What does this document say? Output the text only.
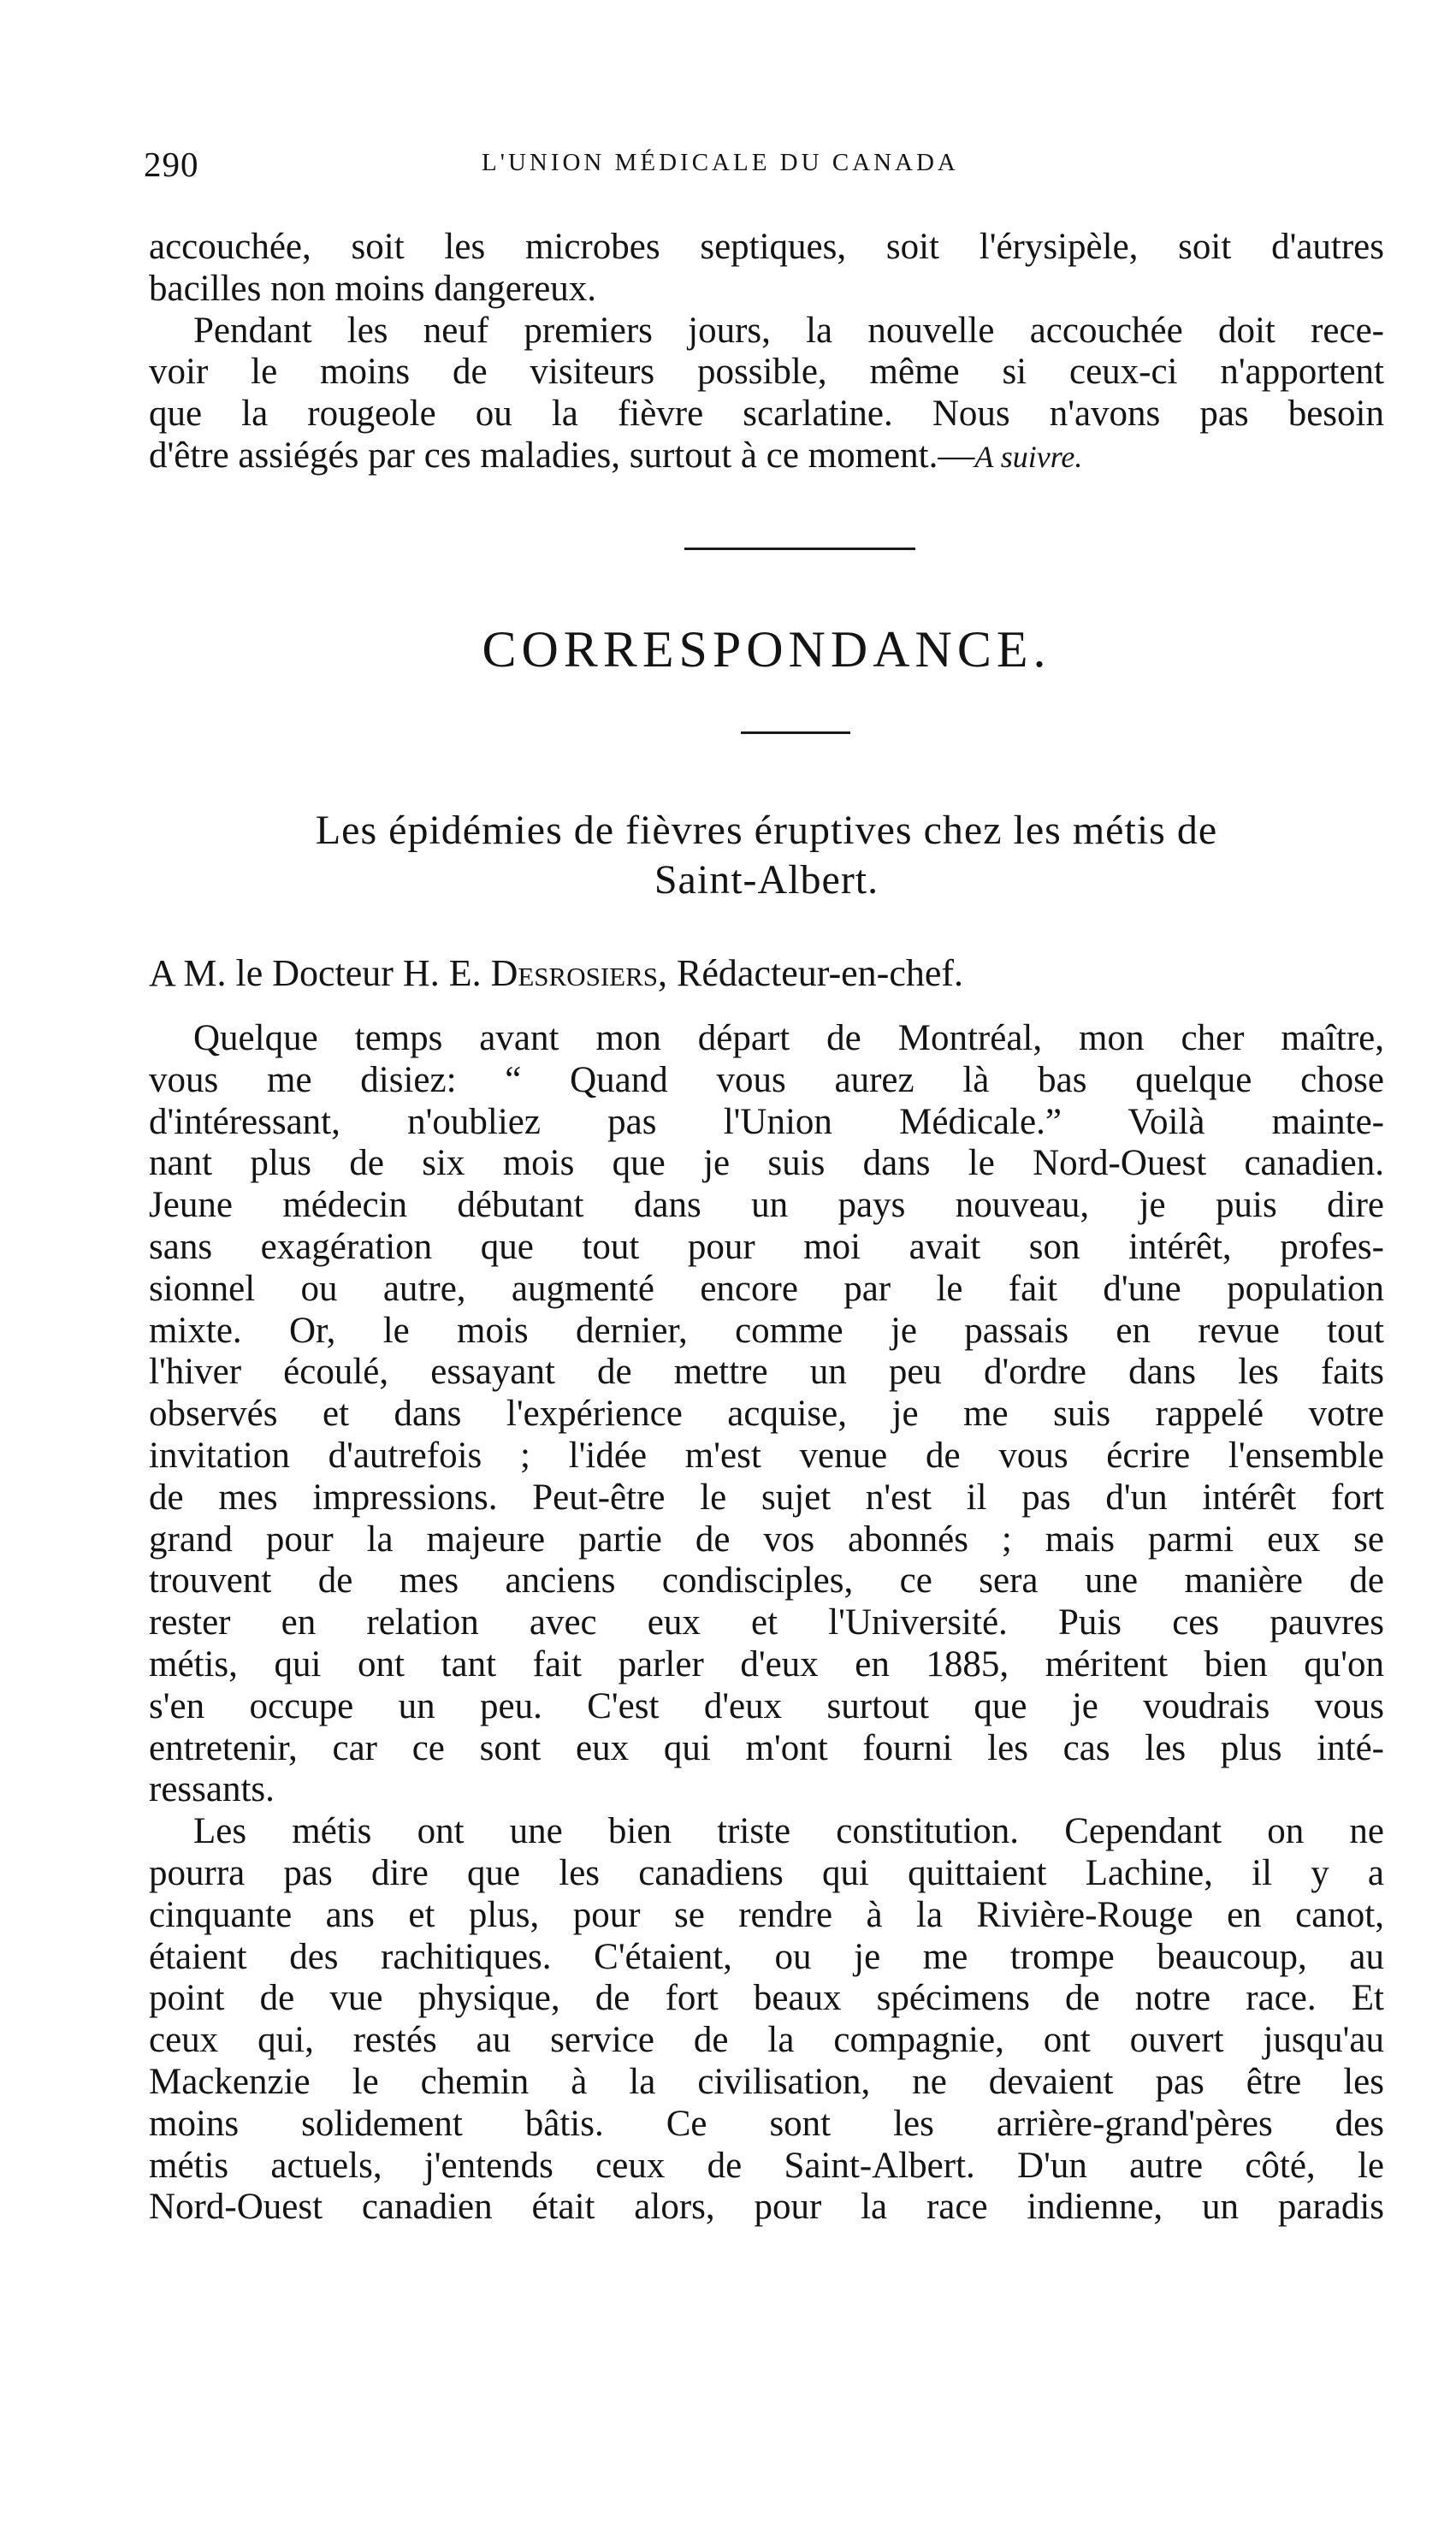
290	L'UNION MÉDICALE DU CANADA
accouchée, soit les microbes septiques, soit l'érysipèle, soit d'autres
bacilles non moins dangereux.
Pendant les neuf premiers jours, la nouvelle accouchée doit rece-
voir le moins de visiteurs possible, même si ceux-ci n'apportent
que la rougeole ou la fièvre scarlatine. Nous n'avons pas besoin
d'être assiégés par ces maladies, surtout à ce moment.—A suivre.
CORRESPONDANCE.
Les épidémies de fièvres éruptives chez les métis de
Saint-Albert.
A M. le Docteur H. E. Desrosiers, Rédacteur-en-chef.
Quelque temps avant mon départ de Montréal, mon cher maître,
vous me disiez: “ Quand vous aurez là bas quelque chose
d'intéressant, n'oubliez pas l'Union Médicale.” Voilà mainte-
nant plus de six mois que je suis dans le Nord-Ouest canadien.
Jeune médecin débutant dans un pays nouveau, je puis dire
sans exagération que tout pour moi avait son intérêt, profes-
sionnel ou autre, augmenté encore par le fait d'une population
mixte. Or, le mois dernier, comme je passais en revue tout
l'hiver écoulé, essayant de mettre un peu d'ordre dans les faits
observés et dans l'expérience acquise, je me suis rappelé votre
invitation d'autrefois ; l'idée m'est venue de vous écrire l'ensemble
de mes impressions. Peut-être le sujet n'est il pas d'un intérêt fort
grand pour la majeure partie de vos abonnés ; mais parmi eux se
trouvent de mes anciens condisciples, ce sera une manière de
rester en relation avec eux et l'Université. Puis ces pauvres
métis, qui ont tant fait parler d'eux en 1885, méritent bien qu'on
s'en occupe un peu. C'est d'eux surtout que je voudrais vous
entretenir, car ce sont eux qui m'ont fourni les cas les plus inté-
ressants.
Les métis ont une bien triste constitution. Cependant on ne
pourra pas dire que les canadiens qui quittaient Lachine, il y a
cinquante ans et plus, pour se rendre à la Rivière-Rouge en canot,
étaient des rachitiques. C'étaient, ou je me trompe beaucoup, au
point de vue physique, de fort beaux spécimens de notre race. Et
ceux qui, restés au service de la compagnie, ont ouvert jusqu'au
Mackenzie le chemin à la civilisation, ne devaient pas être les
moins solidement bâtis. Ce sont les arrière-grand'pères des
métis actuels, j'entends ceux de Saint-Albert. D'un autre côté, le
Nord-Ouest canadien était alors, pour la race indienne, un paradis
